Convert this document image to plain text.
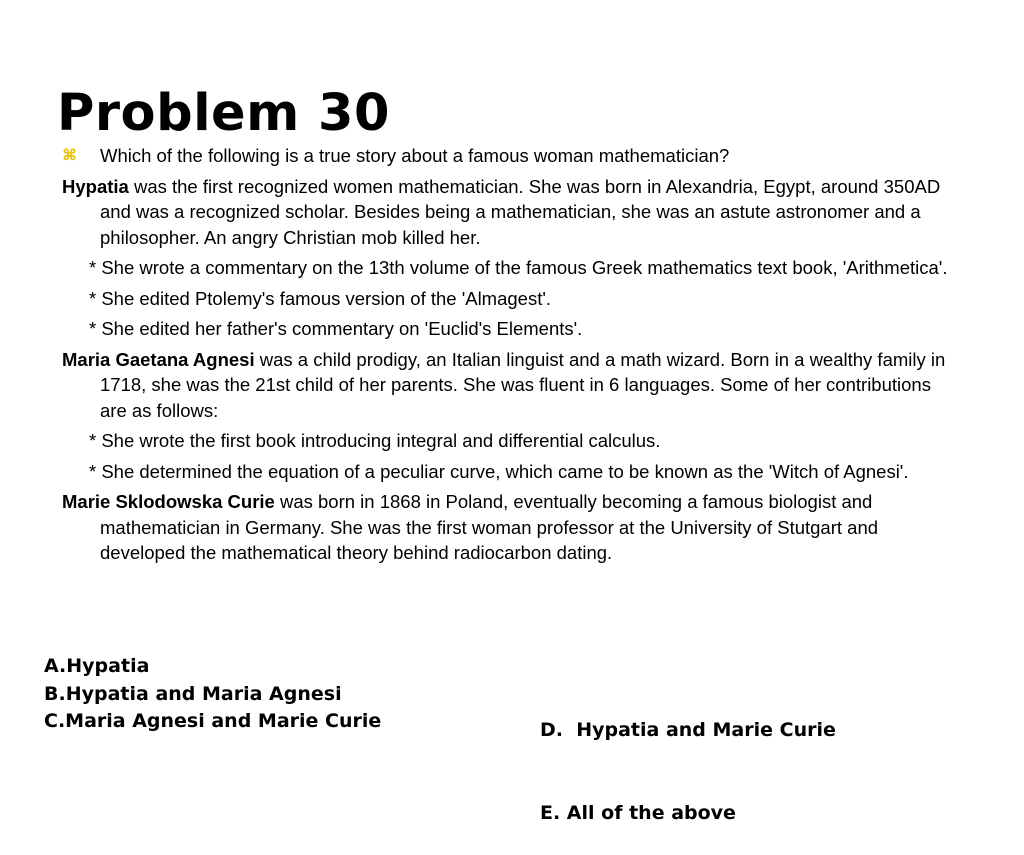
Problem 30

⌘ Which of the following is a true story about a famous woman mathematician?

Hypatia was the first recognized women mathematician. She was born in Alexandria, Egypt, around 350AD and was a recognized scholar. Besides being a mathematician, she was an astute astronomer and a philosopher. An angry Christian mob killed her.

* She wrote a commentary on the 13th volume of the famous Greek mathematics text book, 'Arithmetica'.

* She edited Ptolemy's famous version of the 'Almagest'.

* She edited her father's commentary on 'Euclid's Elements'.

Maria Gaetana Agnesi was a child prodigy, an Italian linguist and a math wizard. Born in a wealthy family in 1718, she was the 21st child of her parents. She was fluent in 6 languages. Some of her contributions are as follows:

* She wrote the first book introducing integral and differential calculus.

* She determined the equation of a peculiar curve, which came to be known as the 'Witch of Agnesi'.

Marie Sklodowska Curie was born in 1868 in Poland, eventually becoming a famous biologist and mathematician in Germany. She was the first woman professor at the University of Stutgart and developed the mathematical theory behind radiocarbon dating.

A.Hypatia

B.Hypatia and Maria Agnesi

C.Maria Agnesi and Marie Curie

	D.  Hypatia and Marie Curie

E. All of the above
